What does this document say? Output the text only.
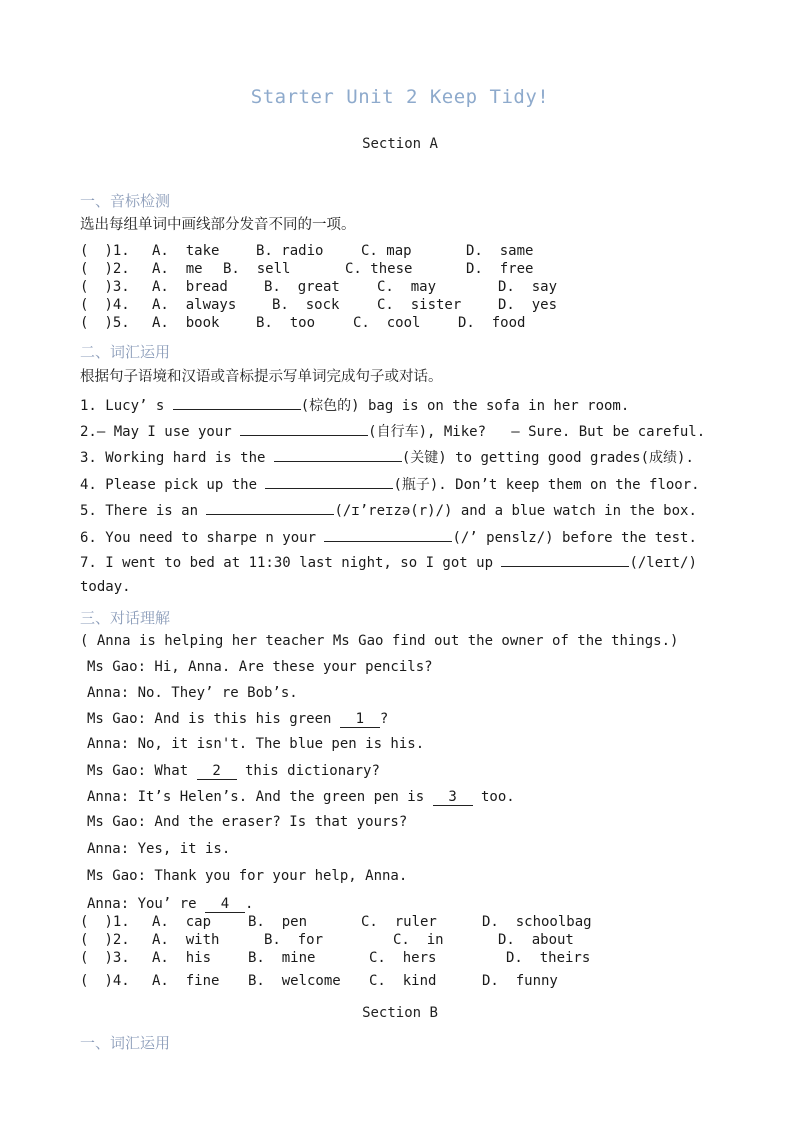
Starter Unit 2 Keep Tidy!
Section A
一、音标检测
选出每组单词中画线部分发音不同的一项。
( )1. A.  take	B. radio	C. map	D.  same
( )2. A.  me B.  sell	C. these	D.  free
( )3. A.  bread	B.  great	C.  may	D.  say
( )4. A.  always	B.  sock	C.  sister	D.  yes
( )5. A.  book	B.  too	C.  cool	D.  food
二、词汇运用
根据句子语境和汉语或音标提示写单词完成句子或对话。
1. Lucy’ s	(棕色的) bag is on the sofa in her room.
2.— May I use your	(自行车), Mike?   — Sure. But be careful.
3. Working hard is the	(关键) to getting good grades(成绩).
4. Please pick up the	(瓶子). Don’t keep them on the floor.
5. There is an	(/ɪ’reɪzə(r)/) and a blue watch in the box.
6. You need to sharpe n your	(/’ penslz/) before the test.
7. I went to bed at 11:30 last night, so I got up	(/leɪt/)
today.
三、对话理解
( Anna is helping her teacher Ms Gao find out the owner of the things.)
Ms Gao: Hi, Anna. Are these your pencils?
Anna: No. They’ re Bob’s.
Ms Gao: And is this his green 1 ?
Anna: No, it isn't. The blue pen is his.
Ms Gao: What 2 this dictionary?
Anna: It’s Helen’s. And the green pen is 3 too.
Ms Gao: And the eraser? Is that yours?
Anna: Yes, it is.
Ms Gao: Thank you for your help, Anna.
Anna: You’ re 4 .
( )1. A.  cap	B.  pen	C.  ruler	D.  schoolbag
( )2. A.  with	B.  for	C.  in	D.  about
( )3. A.  his	B.  mine	C.  hers	D.  theirs
( )4. A.  fine B.  welcome C.  kind	D.  funny
Section B
一、词汇运用
